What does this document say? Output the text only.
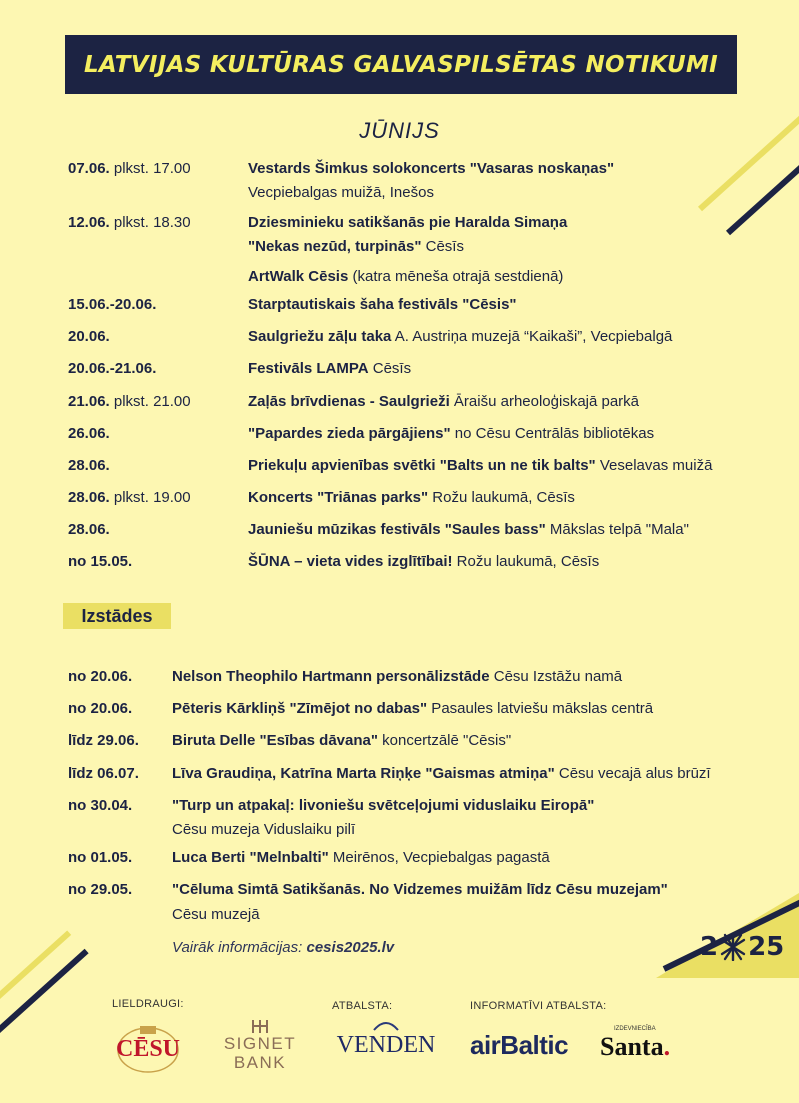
LATVIJAS KULTŪRAS GALVASPILSĒTAS NOTIKUMI
JŪNIJS
07.06. plkst. 17.00	Vestards Šimkus solokoncerts "Vasaras noskaņas"
Vecpiebalgas muižā, Inešos
12.06. plkst. 18.30	Dziesminieku satikšanās pie Haralda Simaņa
"Nekas nezūd, turpinās" Cēsīs
ArtWalk Cēsis (katra mēneša otrajā sestdienā)
15.06.-20.06.	Starptautiskais šaha festivāls "Cēsis"
20.06.	Saulgriežu zāļu taka A. Austriņa muzejā “Kaikaši”, Vecpiebalgā
20.06.-21.06.	Festivāls LAMPA Cēsīs
21.06. plkst. 21.00	Zaļās brīvdienas - Saulgrieži Āraišu arheoloģiskajā parkā
26.06.	"Papardes zieda pārgājiens" no Cēsu Centrālās bibliotēkas
28.06.	Priekuļu apvienības svētki "Balts un ne tik balts" Veselavas muižā
28.06. plkst. 19.00	Koncerts "Triānas parks" Rožu laukumā, Cēsīs
28.06.	Jauniešu mūzikas festivāls "Saules bass" Mākslas telpā "Mala"
no 15.05.	ŠŪNA – vieta vides izglītībai! Rožu laukumā, Cēsīs
Izstādes
no 20.06.	Nelson Theophilo Hartmann personālizstāde Cēsu Izstāžu namā
no 20.06.	Pēteris Kārkliņš "Zīmējot no dabas" Pasaules latviešu mākslas centrā
līdz 29.06. Biruta Delle "Esības dāvana" koncertzālē "Cēsis"
līdz 06.07. Līva Graudiņa, Katrīna Marta Riņķe "Gaismas atmiņa" Cēsu vecajā alus brūzī
no 30.04.	"Turp un atpakaļ: livoniešu svētceļojumi viduslaiku Eiropā"
Cēsu muzeja Viduslaiku pilī
no 01.05.	Luca Berti "Melnbalti" Meirēnos, Vecpiebalgas pagastā
no 29.05.	"Cēluma Simtā Satikšanās. No Vidzemes muižām līdz Cēsu muzejam"
Cēsu muzejā
Vairāk informācijas: cesis2025.lv	2 25
LIELDRAUGI:	ATBALSTA:	INFORMATĪVI ATBALSTA:
CĒSU	SIGNET
BANK
VENDEN airBaltic
IZDEVNIECĪBA
Santa.
